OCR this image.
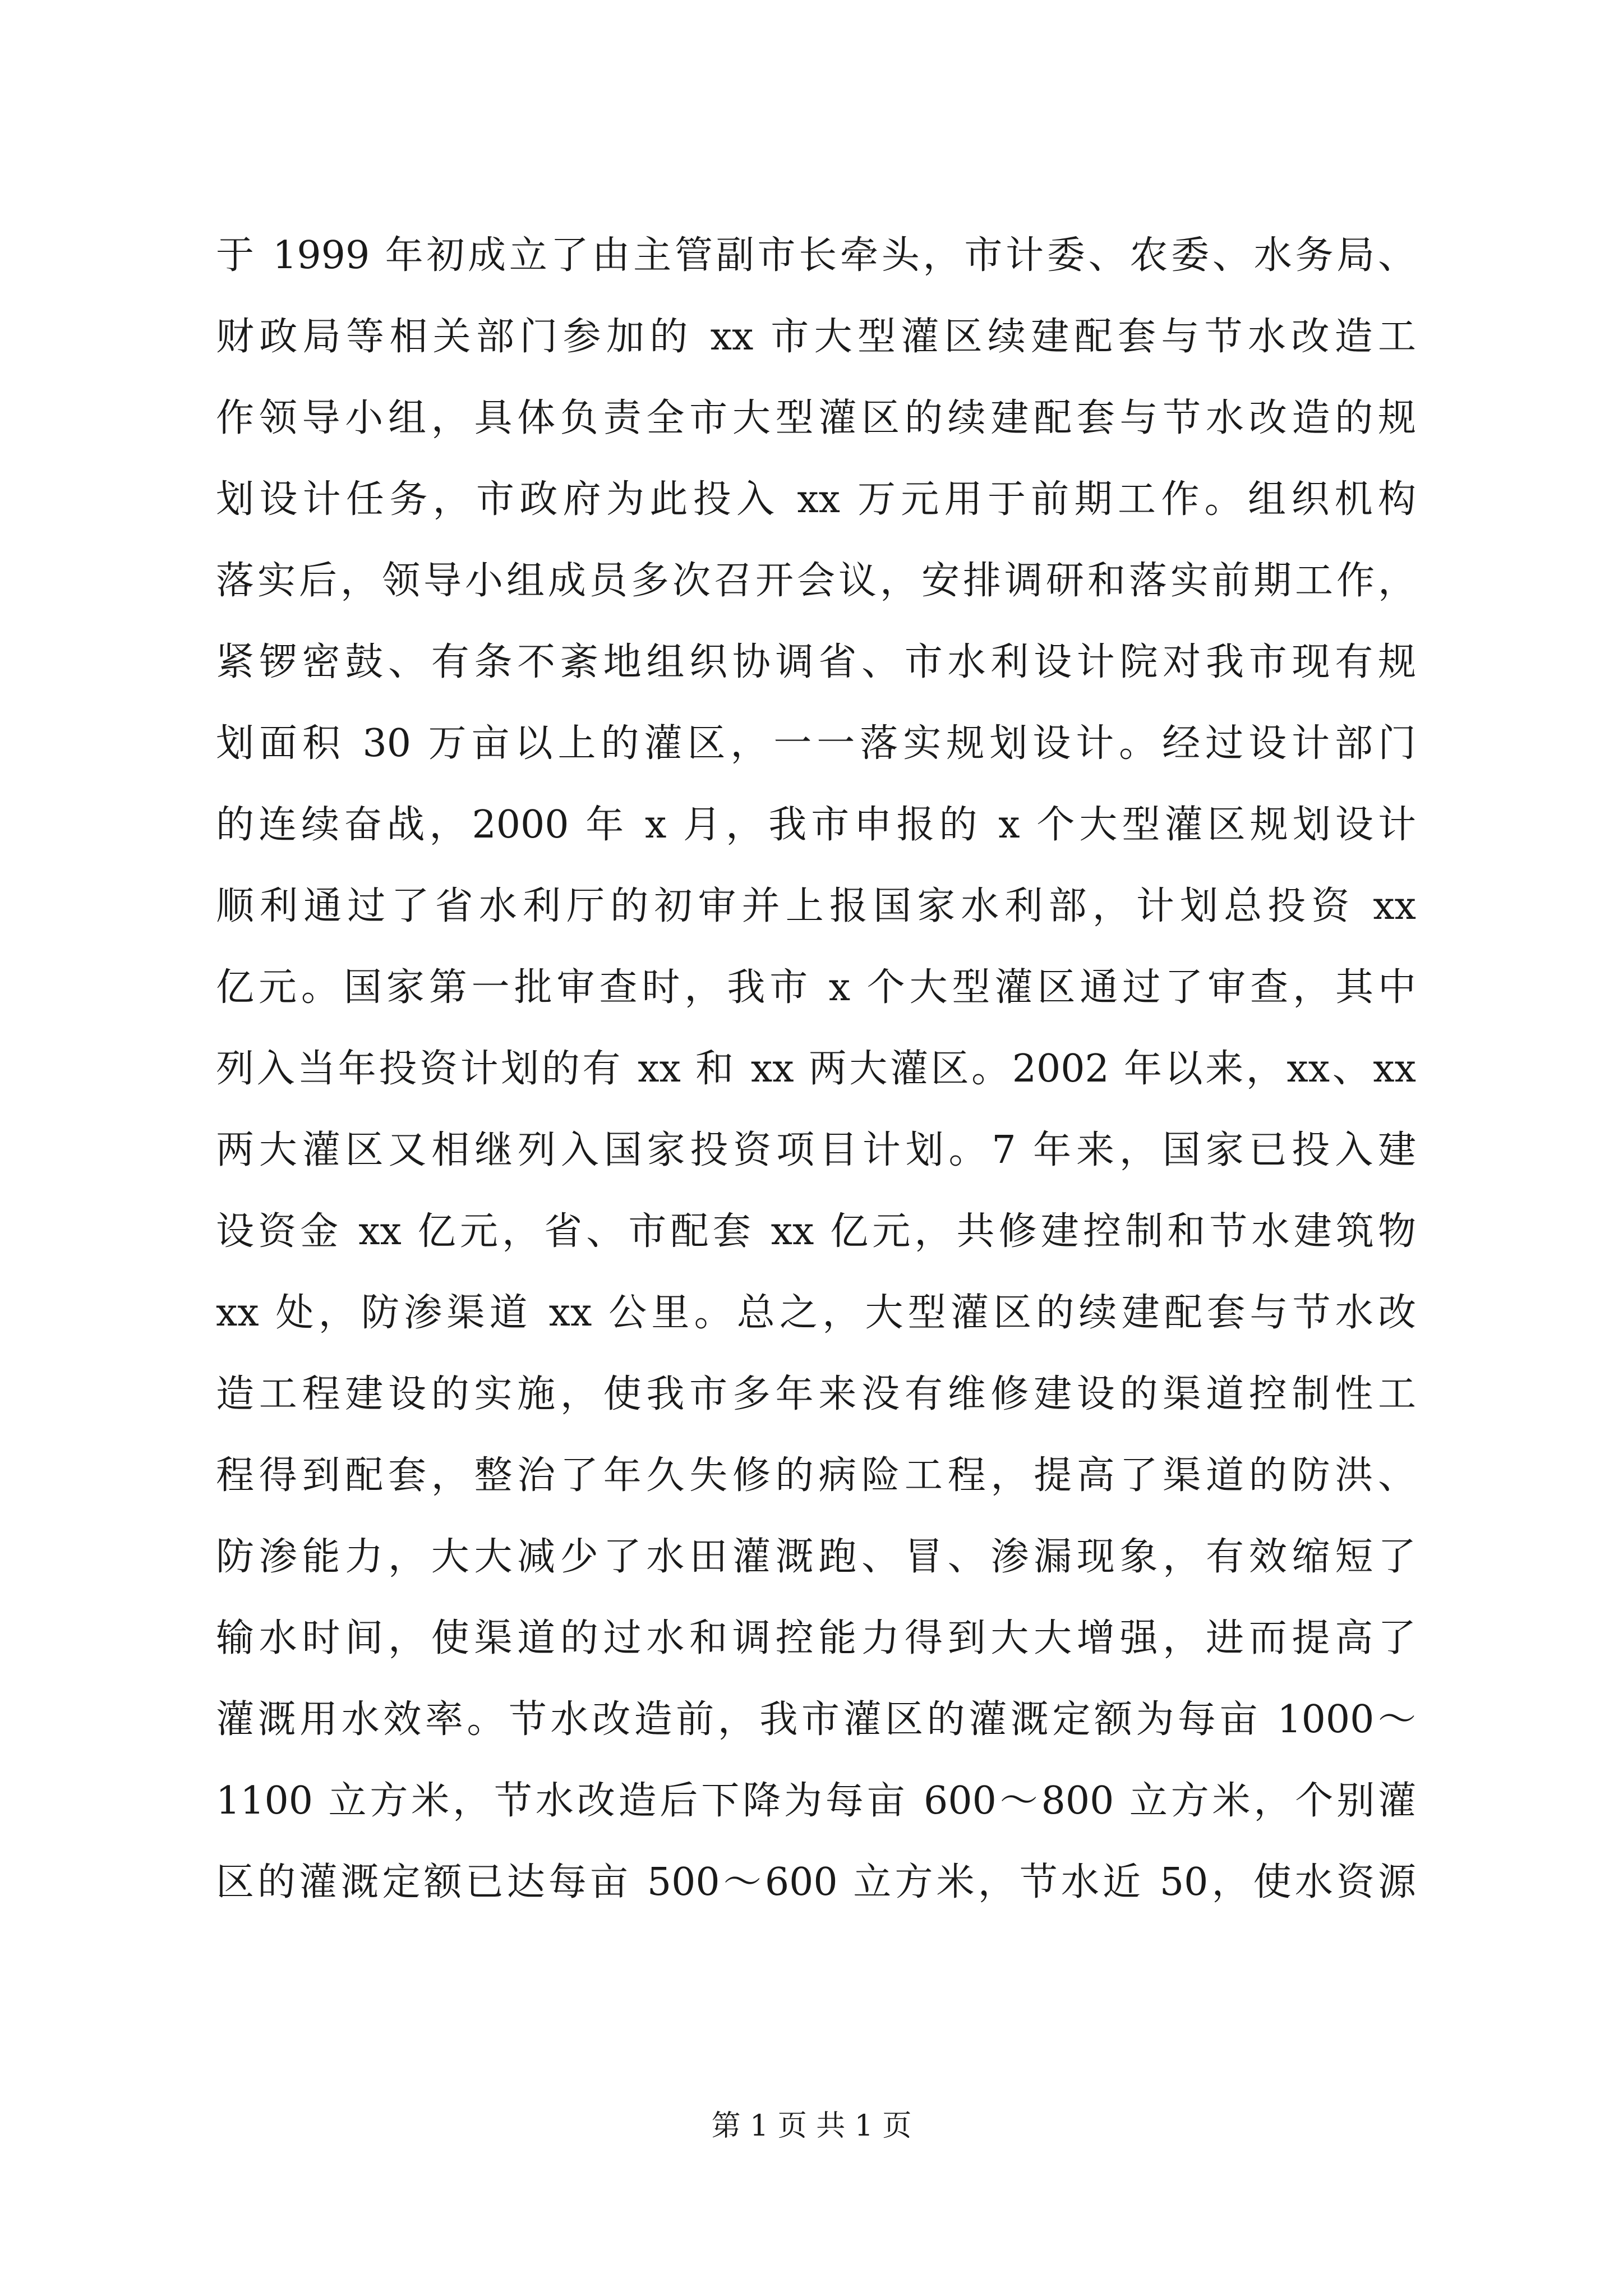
于 1999 年初成立了由主管副市长牵头，市计委、农委、水务局、
财政局等相关部门参加的 xx 市大型灌区续建配套与节水改造工
作领导小组，具体负责全市大型灌区的续建配套与节水改造的规
划设计任务，市政府为此投入 xx 万元用于前期工作。组织机构
落实后，领导小组成员多次召开会议，安排调研和落实前期工作，
紧锣密鼓、有条不紊地组织协调省、市水利设计院对我市现有规
划面积 30 万亩以上的灌区，一一落实规划设计。经过设计部门
的连续奋战，2000 年 x 月，我市申报的 x 个大型灌区规划设计
顺利通过了省水利厅的初审并上报国家水利部，计划总投资 xx
亿元。国家第一批审查时，我市 x 个大型灌区通过了审查，其中
列入当年投资计划的有 xx 和 xx 两大灌区。2002 年以来，xx、xx
两大灌区又相继列入国家投资项目计划。7 年来，国家已投入建
设资金 xx 亿元，省、市配套 xx 亿元，共修建控制和节水建筑物
xx 处，防渗渠道 xx 公里。总之，大型灌区的续建配套与节水改
造工程建设的实施，使我市多年来没有维修建设的渠道控制性工
程得到配套，整治了年久失修的病险工程，提高了渠道的防洪、
防渗能力，大大减少了水田灌溉跑、冒、渗漏现象，有效缩短了
输水时间，使渠道的过水和调控能力得到大大增强，进而提高了
灌溉用水效率。节水改造前，我市灌区的灌溉定额为每亩 1000～
1100 立方米，节水改造后下降为每亩 600～800 立方米，个别灌
区的灌溉定额已达每亩 500～600 立方米，节水近 50，使水资源
第 1 页 共 1 页
